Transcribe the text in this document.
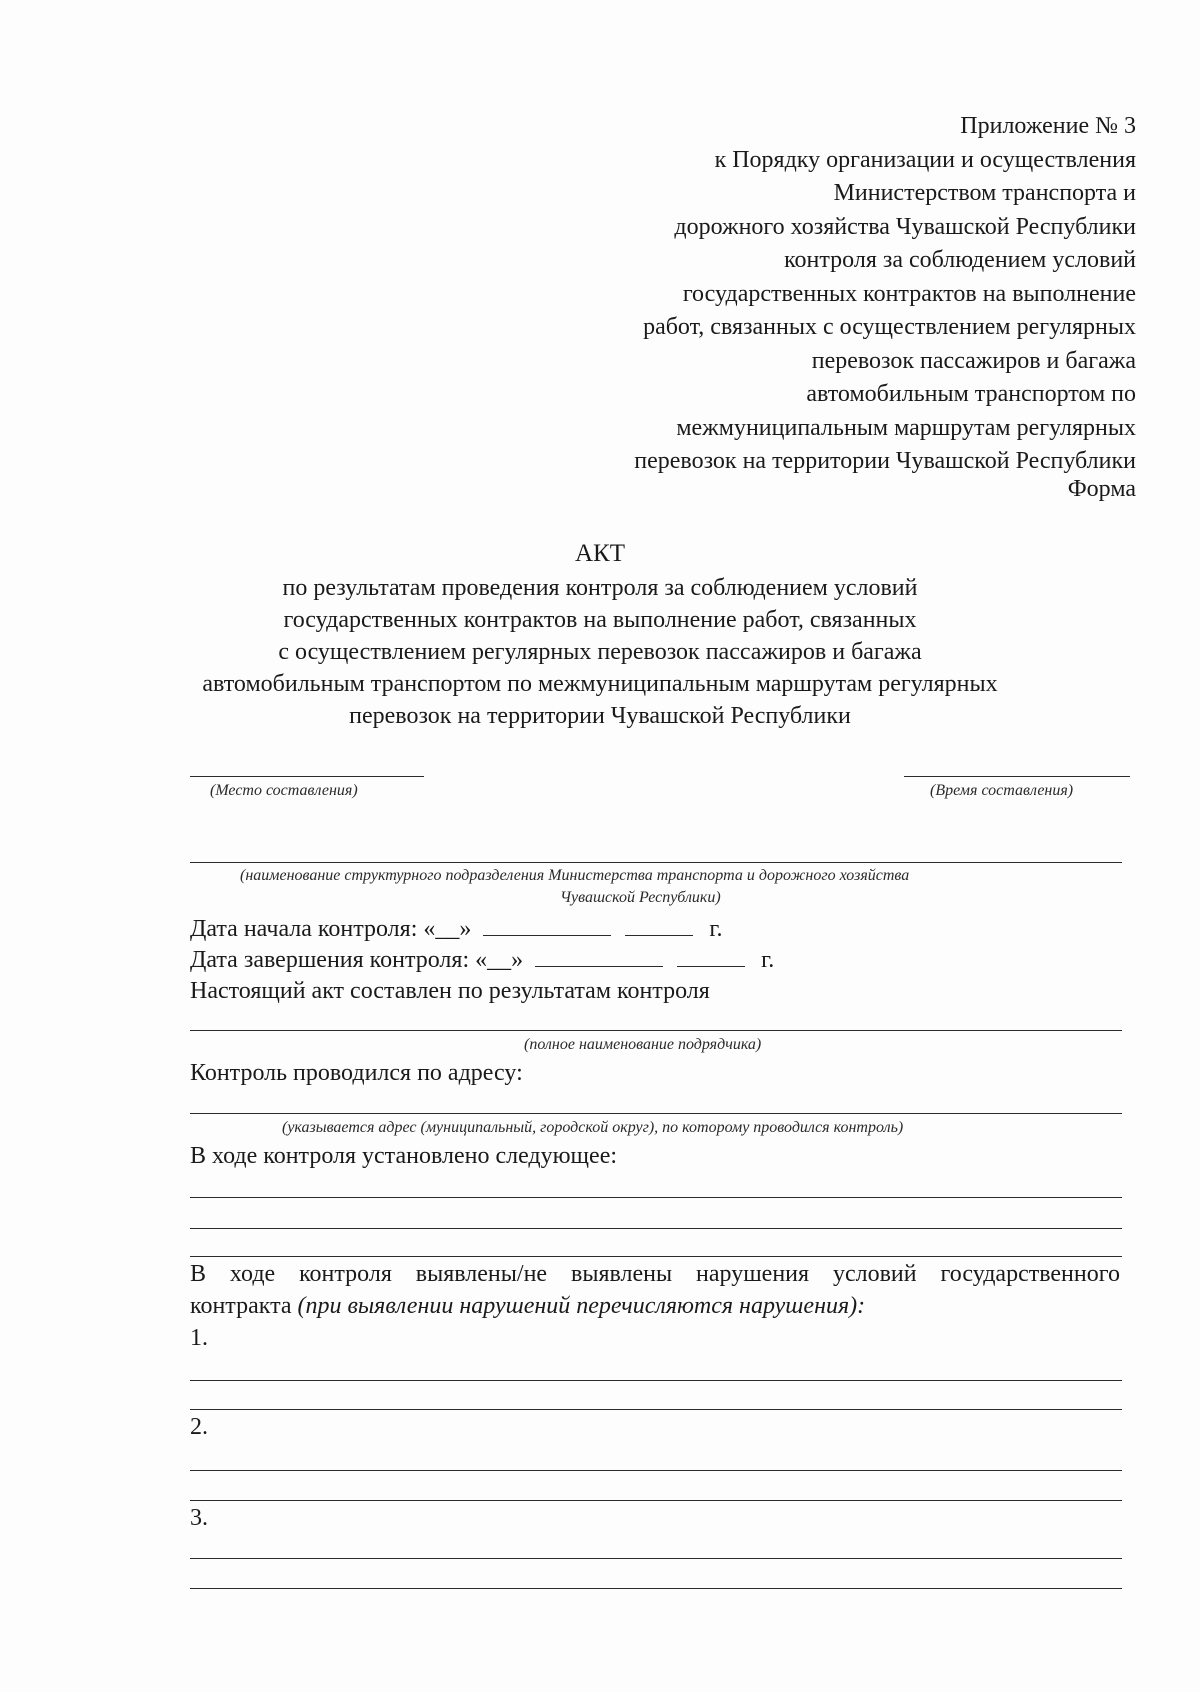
Приложение № 3
к Порядку организации и осуществления
Министерством транспорта и
дорожного хозяйства Чувашской Республики
контроля за соблюдением условий
государственных контрактов на выполнение
работ, связанных с осуществлением регулярных
перевозок пассажиров и багажа
автомобильным транспортом по
межмуниципальным маршрутам регулярных
перевозок на территории Чувашской Республики
Форма
АКТ
по результатам проведения контроля за соблюдением условий
государственных контрактов на выполнение работ, связанных
с осуществлением регулярных перевозок пассажиров и багажа
автомобильным транспортом по межмуниципальным маршрутам регулярных
перевозок на территории Чувашской Республики
(Место составления)	(Время составления)
(наименование структурного подразделения Министерства транспорта и дорожного хозяйства
Чувашской Республики)
Дата начала контроля: «__»	г.
Дата завершения контроля: «__»	г.
Настоящий акт составлен по результатам контроля
(полное наименование подрядчика)
Контроль проводился по адресу:
(указывается адрес (муниципальный, городской округ), по которому проводился контроль)
В ходе контроля установлено следующее:
В ходе контроля выявлены/не выявлены нарушения условий государственного
контракта (при выявлении нарушений перечисляются нарушения):
1.
2.
3.
